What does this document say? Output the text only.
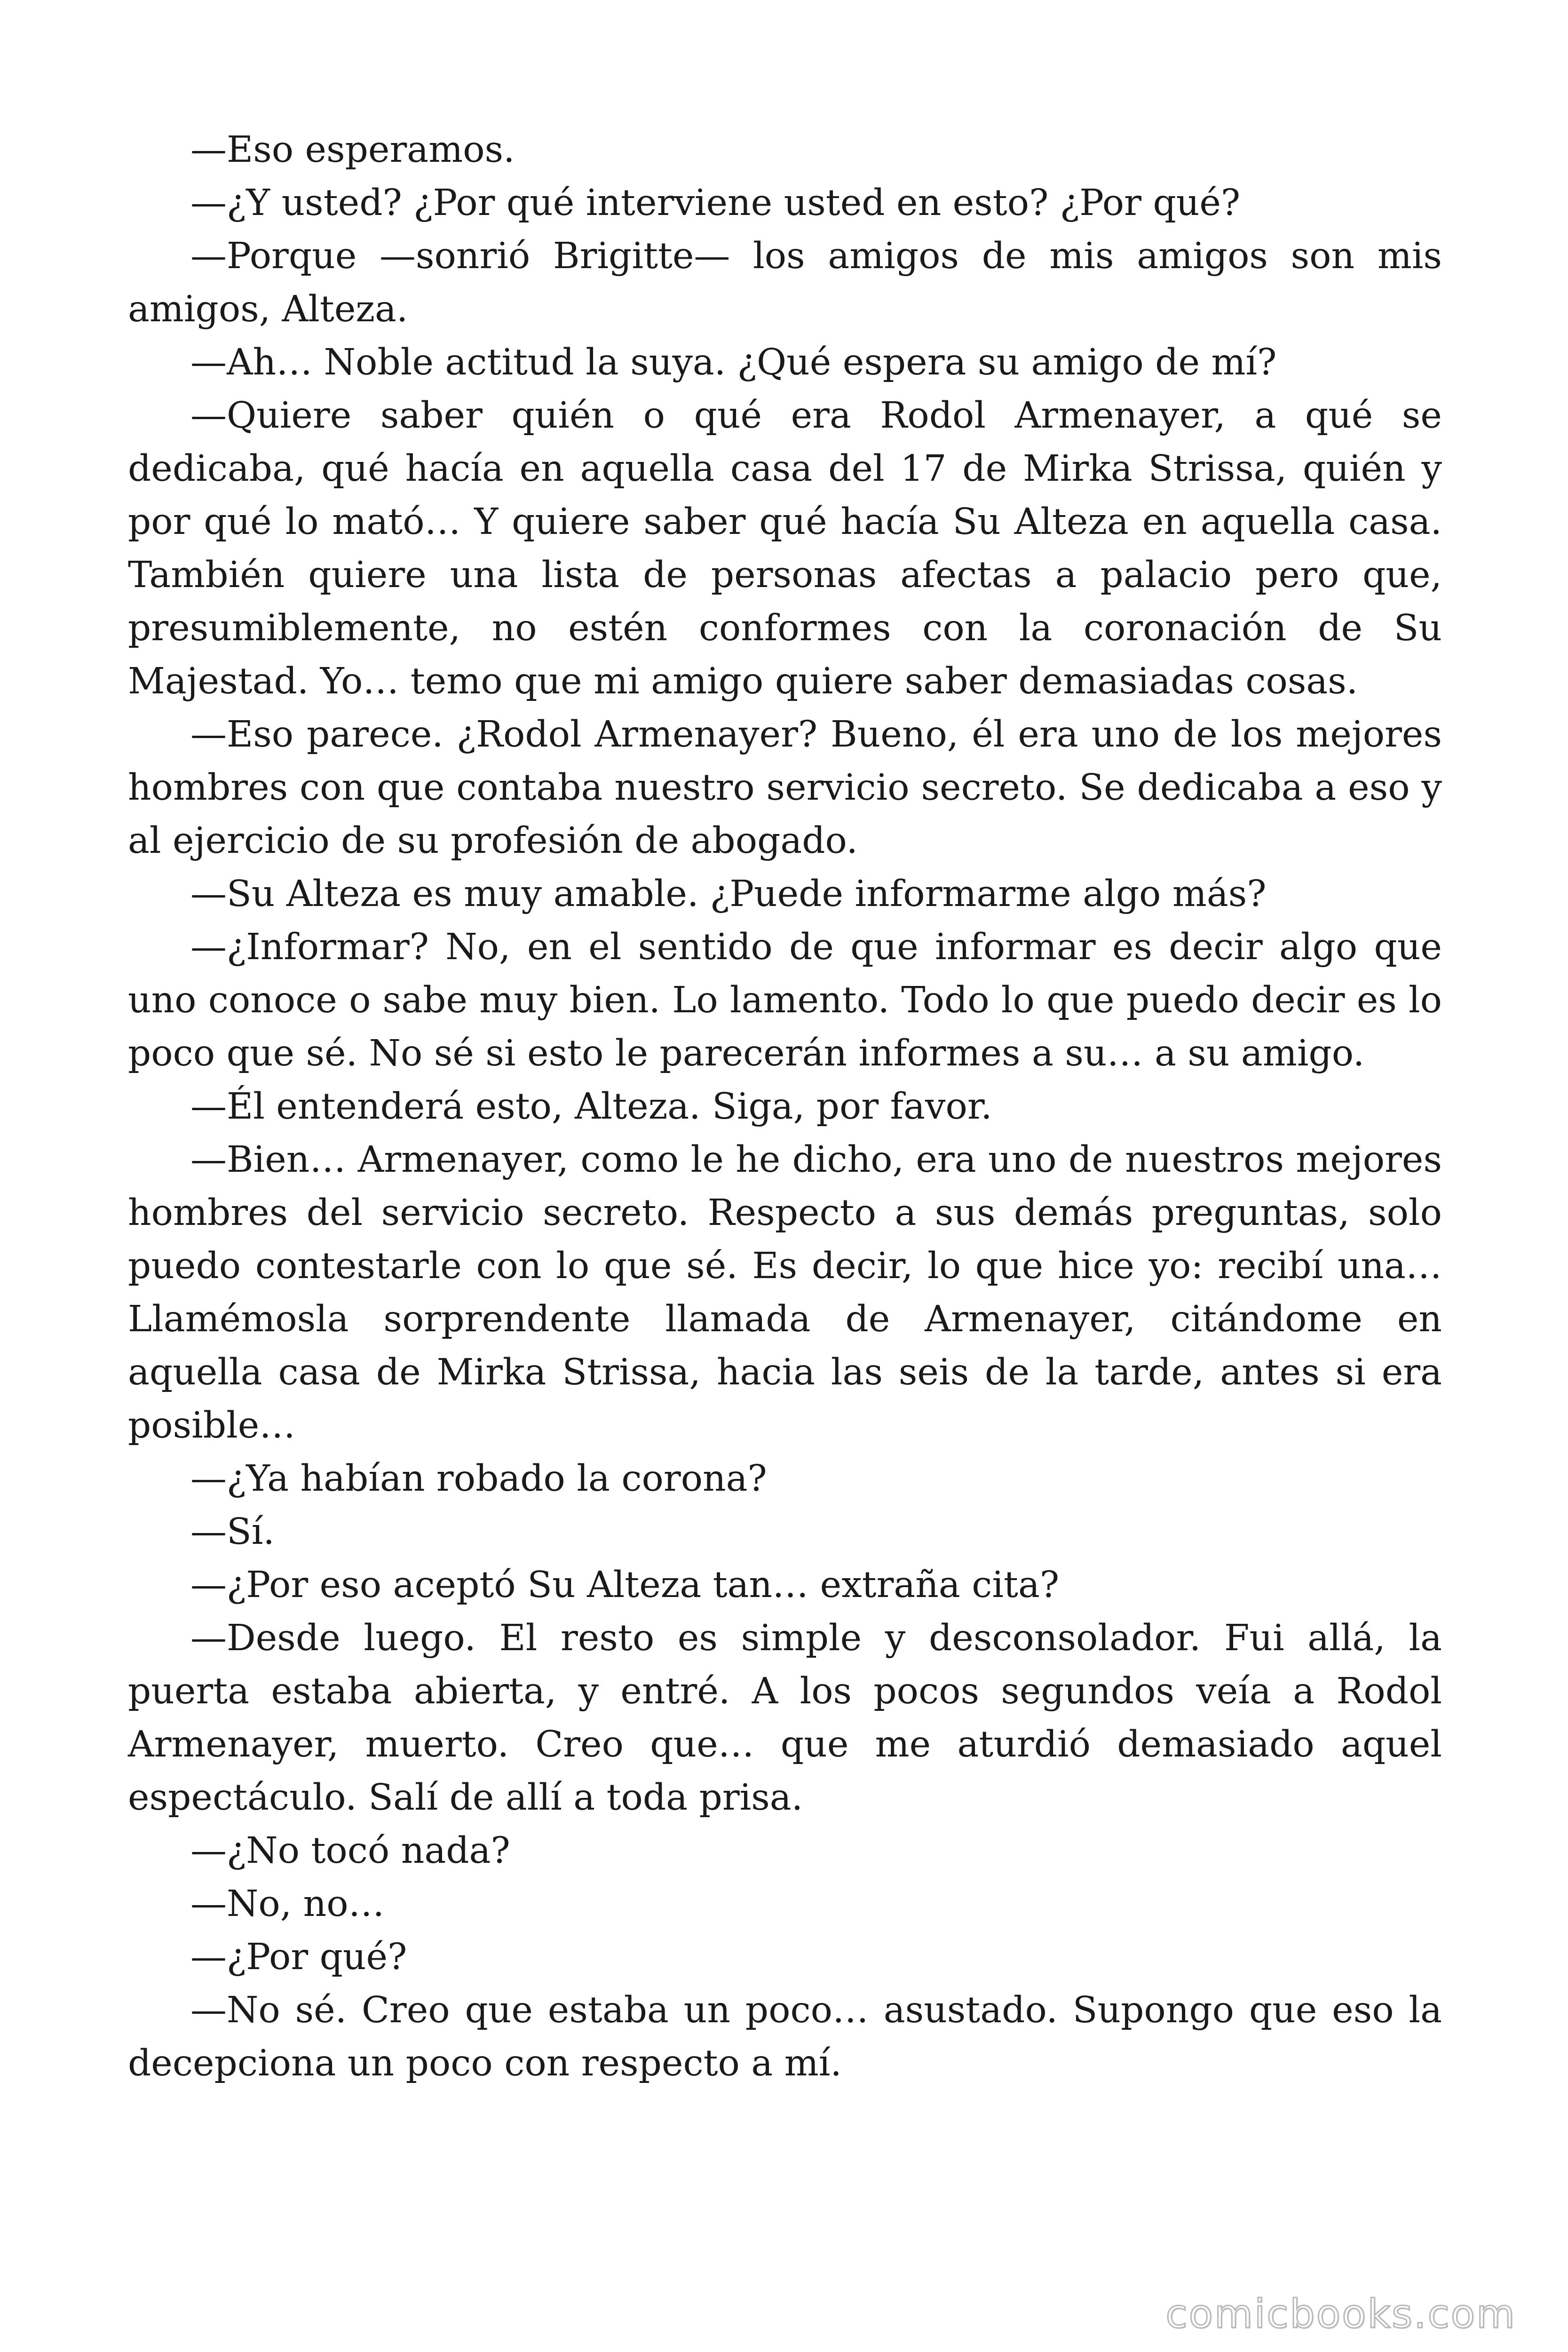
—Eso esperamos.

—¿Y usted? ¿Por qué interviene usted en esto? ¿Por qué?

—Porque —sonrió Brigitte— los amigos de mis amigos son mis amigos, Alteza.

—Ah… Noble actitud la suya. ¿Qué espera su amigo de mí?

—Quiere saber quién o qué era Rodol Armenayer, a qué se dedicaba, qué hacía en aquella casa del 17 de Mirka Strissa, quién y por qué lo mató… Y quiere saber qué hacía Su Alteza en aquella casa. También quiere una lista de personas afectas a palacio pero que, presumiblemente, no estén conformes con la coronación de Su Majestad. Yo… temo que mi amigo quiere saber demasiadas cosas.

—Eso parece. ¿Rodol Armenayer? Bueno, él era uno de los mejores hombres con que contaba nuestro servicio secreto. Se dedicaba a eso y al ejercicio de su profesión de abogado.

—Su Alteza es muy amable. ¿Puede informarme algo más?

—¿Informar? No, en el sentido de que informar es decir algo que uno conoce o sabe muy bien. Lo lamento. Todo lo que puedo decir es lo poco que sé. No sé si esto le parecerán informes a su… a su amigo.

—Él entenderá esto, Alteza. Siga, por favor.

—Bien… Armenayer, como le he dicho, era uno de nuestros mejores hombres del servicio secreto. Respecto a sus demás preguntas, solo puedo contestarle con lo que sé. Es decir, lo que hice yo: recibí una… Llamémosla sorprendente llamada de Armenayer, citándome en aquella casa de Mirka Strissa, hacia las seis de la tarde, antes si era posible…

—¿Ya habían robado la corona?

—Sí.

—¿Por eso aceptó Su Alteza tan… extraña cita?

—Desde luego. El resto es simple y desconsolador. Fui allá, la puerta estaba abierta, y entré. A los pocos segundos veía a Rodol Armenayer, muerto. Creo que… que me aturdió demasiado aquel espectáculo. Salí de allí a toda prisa.

—¿No tocó nada?

—No, no…

—¿Por qué?

—No sé. Creo que estaba un poco… asustado. Supongo que eso la decepciona un poco con respecto a mí.

comicbooks.com
